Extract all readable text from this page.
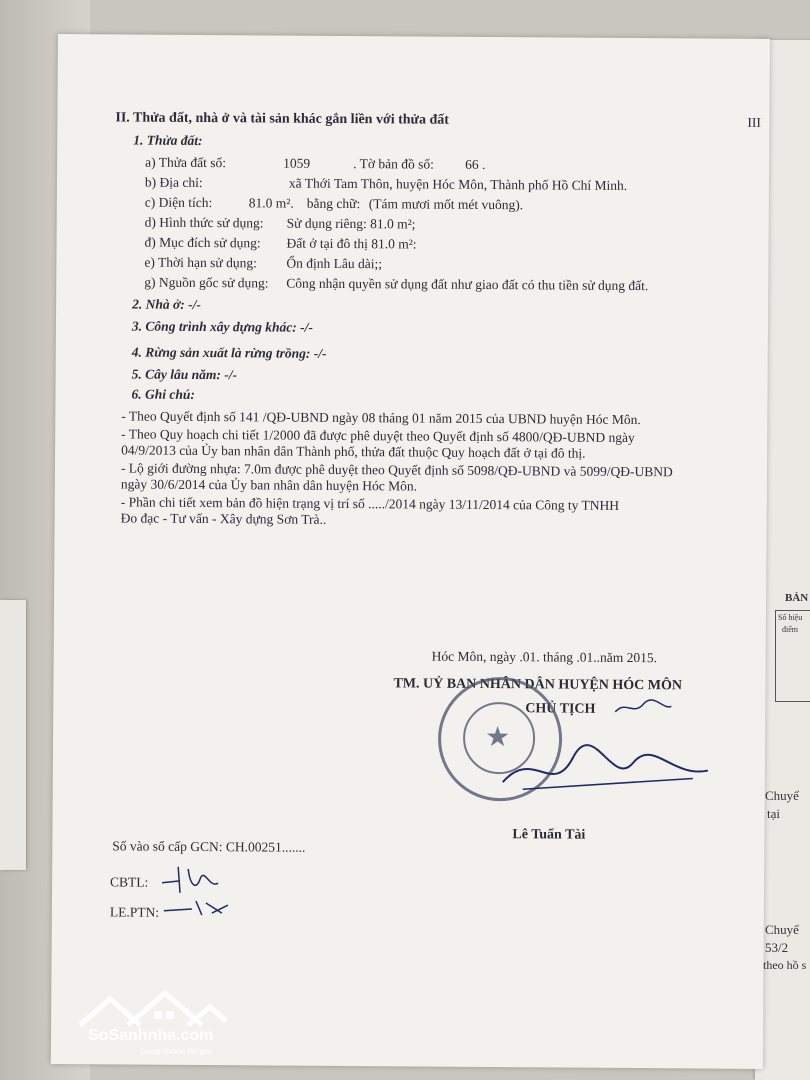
BẢN
Số hiệu
điểm
Chuyể
tại
Chuyể
53/2
theo hồ s
II. Thửa đất, nhà ở và tài sản khác gắn liền với thửa đất	III
1. Thửa đất:
a) Thửa đất số:	1059	. Tờ bản đồ số: 66 .
b) Địa chỉ:	xã Thới Tam Thôn, huyện Hóc Môn, Thành phố Hồ Chí Minh.
c) Diện tích:	81.0 m². bằng chữ: (Tám mươi mốt mét vuông).
d) Hình thức sử dụng: Sử dụng riêng: 81.0 m²;
đ) Mục đích sử dụng: Đất ở tại đô thị 81.0 m²:
e) Thời hạn sử dụng: Ổn định Lâu dài;;
g) Nguồn gốc sử dụng: Công nhận quyền sử dụng đất như giao đất có thu tiền sử dụng đất.
2. Nhà ở: -/-
3. Công trình xây dựng khác: -/-
4. Rừng sản xuất là rừng trồng: -/-
5. Cây lâu năm: -/-
6. Ghi chú:
- Theo Quyết định số 141 /QĐ-UBND ngày 08 tháng 01 năm 2015 của UBND huyện Hóc Môn.
- Theo Quy hoạch chi tiết 1/2000 đã được phê duyệt theo Quyết định số 4800/QĐ-UBND ngày
04/9/2013 của Ủy ban nhân dân Thành phố, thửa đất thuộc Quy hoạch đất ở tại đô thị.
- Lộ giới đường nhựa: 7.0m được phê duyệt theo Quyết định số 5098/QĐ-UBND và 5099/QĐ-UBND
ngày 30/6/2014 của Ủy ban nhân dân huyện Hóc Môn.
- Phần chi tiết xem bản đồ hiện trạng vị trí số ...../2014 ngày 13/11/2014 của Công ty TNHH
Đo đạc - Tư vấn - Xây dựng Sơn Trà..
Hóc Môn, ngày .01. tháng .01..năm 2015.
TM. UỶ BAN NHÂN DÂN HUYỆN HÓC MÔN
CHỦ TỊCH
★
Lê Tuấn Tài
Số vào sổ cấp GCN: CH.00251.......
CBTL:
LE.PTN:
SoSanhnha.com
Great choice for you
